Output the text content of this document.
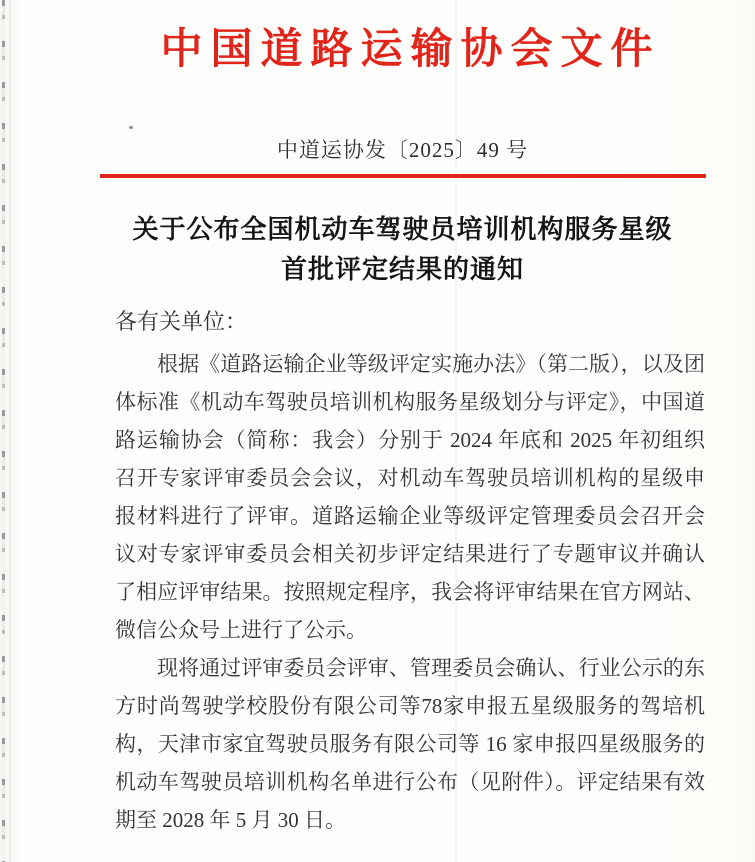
中国道路运输协会文件
中道运协发〔2025〕49 号
关于公布全国机动车驾驶员培训机构服务星级
首批评定结果的通知
各有关单位：
根据《道路运输企业等级评定实施办法》（第二版），以及团
体标准《机动车驾驶员培训机构服务星级划分与评定》，中国道
路运输协会（简称：我会）分别于 2024 年底和 2025 年初组织
召开专家评审委员会会议，对机动车驾驶员培训机构的星级申
报材料进行了评审。道路运输企业等级评定管理委员会召开会
议对专家评审委员会相关初步评定结果进行了专题审议并确认
了相应评审结果。按照规定程序，我会将评审结果在官方网站、
微信公众号上进行了公示。
现将通过评审委员会评审、管理委员会确认、行业公示的东
方时尚驾驶学校股份有限公司等78家申报五星级服务的驾培机
构，天津市家宜驾驶员服务有限公司等 16 家申报四星级服务的
机动车驾驶员培训机构名单进行公布（见附件）。评定结果有效
期至 2028 年 5 月 30 日。
